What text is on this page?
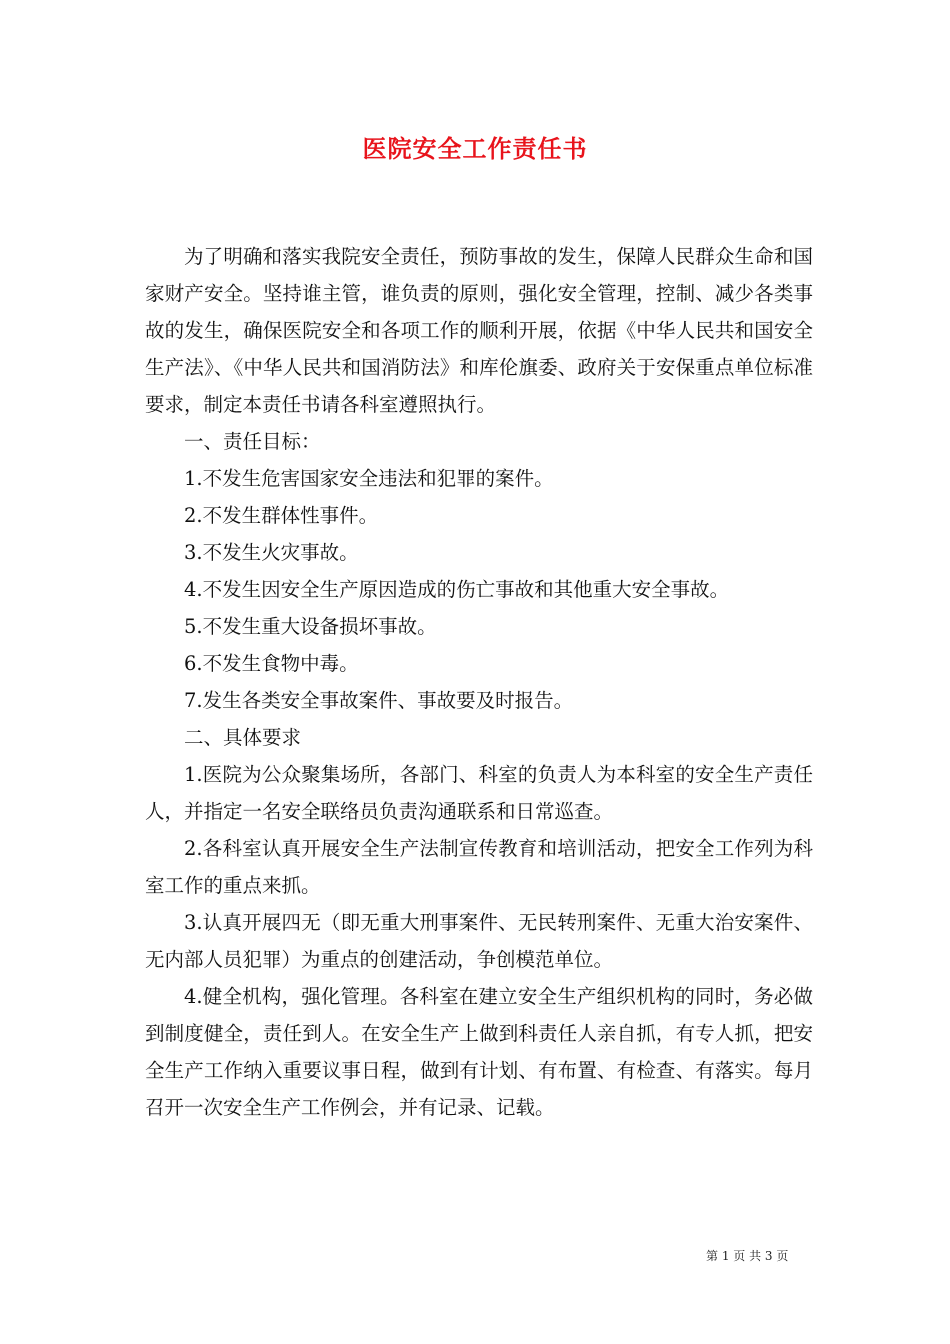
医院安全工作责任书

为了明确和落实我院安全责任，预防事故的发生，保障人民群众生命和国家财产安全。坚持谁主管，谁负责的原则，强化安全管理，控制、减少各类事故的发生，确保医院安全和各项工作的顺利开展，依据《中华人民共和国安全生产法》、《中华人民共和国消防法》和库伦旗委、政府关于安保重点单位标准要求，制定本责任书请各科室遵照执行。

一、责任目标：

1.不发生危害国家安全违法和犯罪的案件。

2.不发生群体性事件。

3.不发生火灾事故。

4.不发生因安全生产原因造成的伤亡事故和其他重大安全事故。

5.不发生重大设备损坏事故。

6.不发生食物中毒。

7.发生各类安全事故案件、事故要及时报告。

二、具体要求

1.医院为公众聚集场所，各部门、科室的负责人为本科室的安全生产责任人，并指定一名安全联络员负责沟通联系和日常巡查。

2.各科室认真开展安全生产法制宣传教育和培训活动，把安全工作列为科室工作的重点来抓。

3.认真开展四无（即无重大刑事案件、无民转刑案件、无重大治安案件、无内部人员犯罪）为重点的创建活动，争创模范单位。

4.健全机构，强化管理。各科室在建立安全生产组织机构的同时，务必做到制度健全，责任到人。在安全生产上做到科责任人亲自抓，有专人抓，把安全生产工作纳入重要议事日程，做到有计划、有布置、有检查、有落实。每月召开一次安全生产工作例会，并有记录、记载。

第 1 页 共 3 页
